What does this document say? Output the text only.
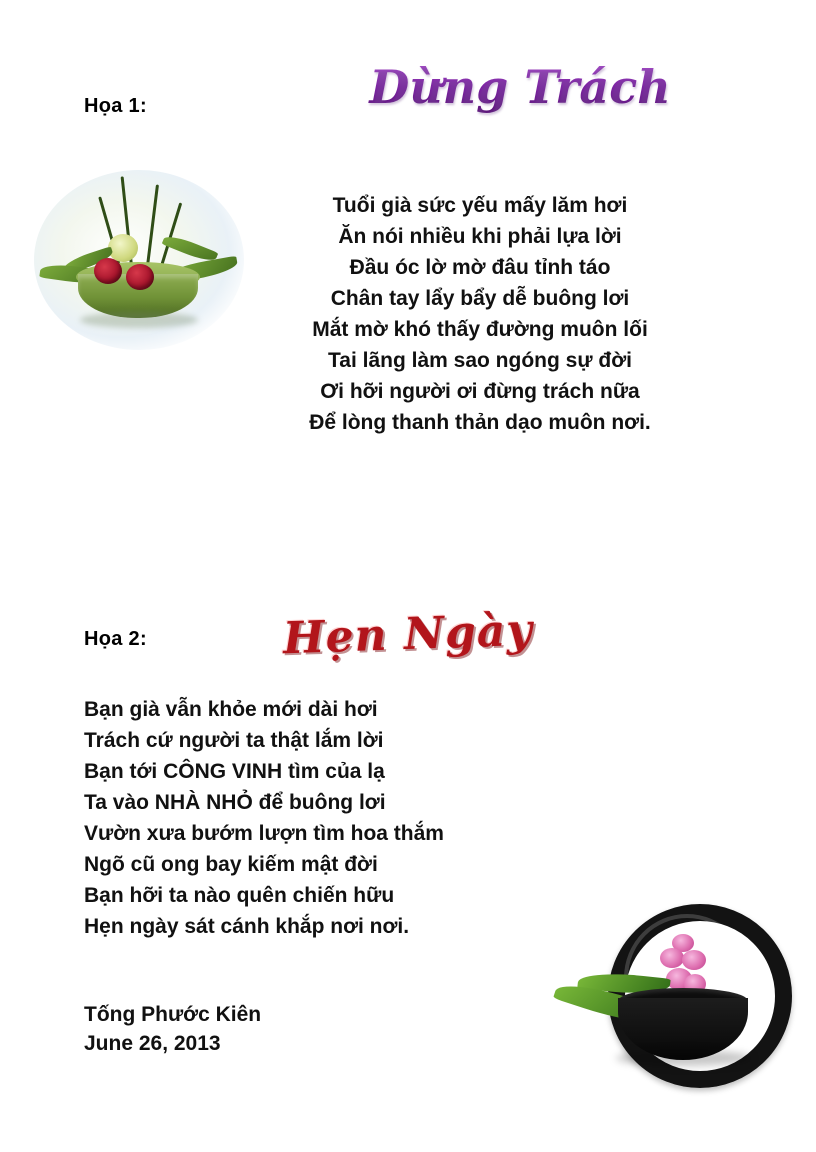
Họa 1:	Dừng Trách
Tuổi già sức yếu mấy lăm hơi
Ăn nói nhiều khi phải lựa lời
Đầu óc lờ mờ đâu tỉnh táo
Chân tay lẩy bẩy dễ buông lơi
Mắt mờ khó thấy đường muôn lối
Tai lãng làm sao ngóng sự đời
Ơi hỡi người ơi đừng trách nữa
Để lòng thanh thản dạo muôn nơi.
Họa 2:	Hẹn Ngày
Bạn già vẫn khỏe mới dài hơi
Trách cứ người ta thật lắm lời
Bạn tới CÔNG VINH tìm của lạ
Ta vào NHÀ NHỎ để buông lơi
Vườn xưa bướm lượn tìm hoa thắm
Ngõ cũ ong bay kiếm mật đời
Bạn hỡi ta nào quên chiến hữu
Hẹn ngày sát cánh khắp nơi nơi.
Tống Phước Kiên
June 26, 2013
